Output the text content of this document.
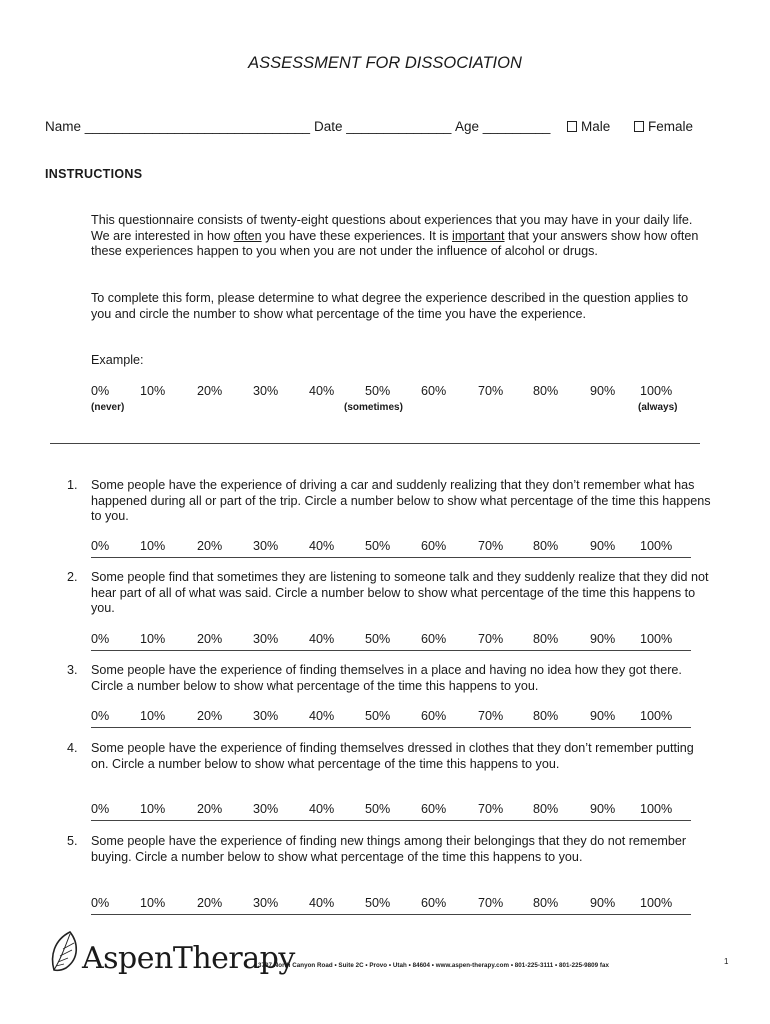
ASSESSMENT FOR DISSOCIATION
Name ______________________________ Date ______________ Age _________	Male	Female
INSTRUCTIONS
This questionnaire consists of twenty-eight questions about experiences that you may have in your daily life. We are interested in how often you have these experiences. It is important that your answers show how often these experiences happen to you when you are not under the influence of alcohol or drugs.
To complete this form, please determine to what degree the experience described in the question applies to you and circle the number to show what percentage of the time you have the experience.
Example:
0% 10%	20% 30% 40% 50% 60%	70% 80%	90% 100%
(never)	(sometimes)	(always)
1. Some people have the experience of driving a car and suddenly realizing that they don’t remember what has happened during all or part of the trip. Circle a number below to show what percentage of the time this happens to you.
0% 10%	20% 30% 40% 50% 60%	70% 80%	90% 100%
2. Some people find that sometimes they are listening to someone talk and they suddenly realize that they did not hear part of all of what was said. Circle a number below to show what percentage of the time this happens to you.
0% 10%	20% 30% 40% 50% 60%	70% 80%	90% 100%
3. Some people have the experience of finding themselves in a place and having no idea how they got there. Circle a number below to show what percentage of the time this happens to you.
0% 10%	20% 30% 40% 50% 60%	70% 80%	90% 100%
4. Some people have the experience of finding themselves dressed in clothes that they don’t remember putting on. Circle a number below to show what percentage of the time this happens to you.
0% 10%	20% 30% 40% 50% 60%	70% 80%	90% 100%
5. Some people have the experience of finding new things among their belongings that they do not remember buying. Circle a number below to show what percentage of the time this happens to you.
0% 10%	20% 30% 40% 50% 60%	70% 80%	90% 100%
AspenTherapy
3707 North Canyon Road • Suite 2C • Provo • Utah • 84604 • www.aspen-therapy.com • 801-225-3111 • 801-225-9809 fax	1
